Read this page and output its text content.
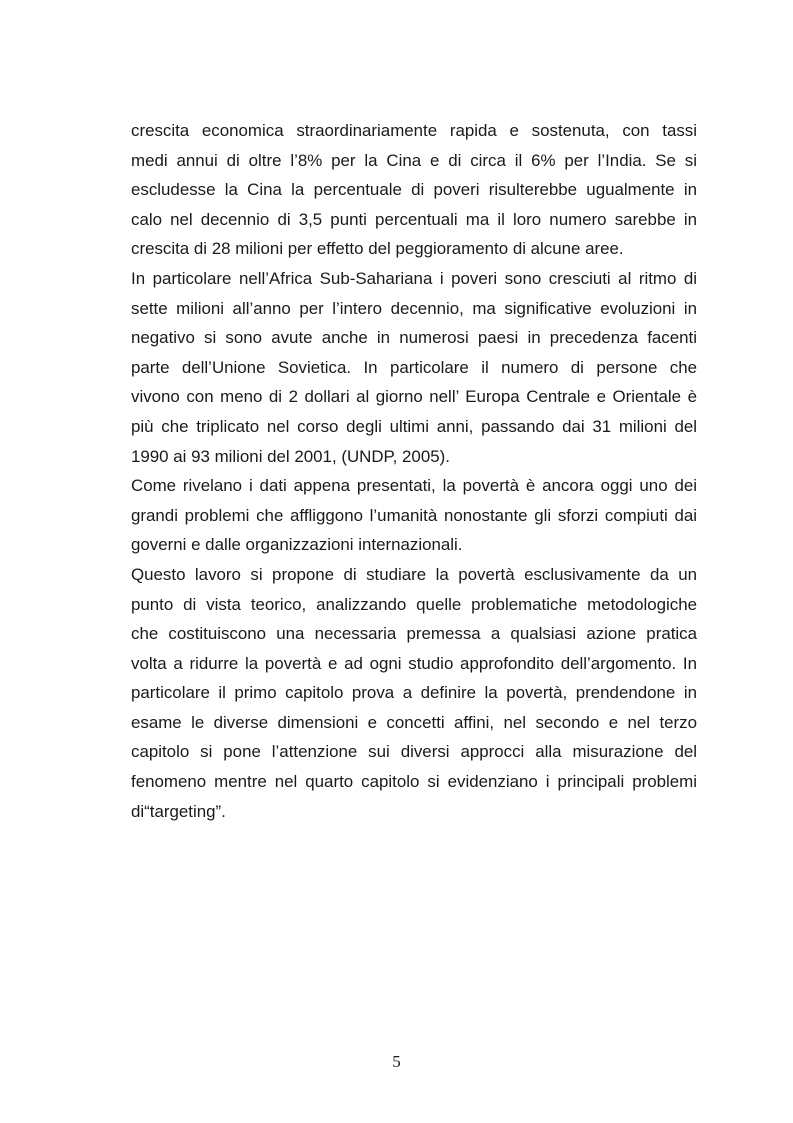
crescita economica straordinariamente rapida e sostenuta, con tassi
medi annui di oltre l’8% per la Cina e di circa il 6% per l’India. Se si
escludesse la Cina la percentuale di poveri risulterebbe ugualmente in
calo nel decennio di 3,5 punti percentuali ma il loro numero sarebbe in
crescita di 28 milioni per effetto del peggioramento di alcune aree.
In particolare nell’Africa Sub-Sahariana i poveri sono cresciuti al ritmo di
sette milioni all’anno per l’intero decennio, ma significative evoluzioni in
negativo si sono avute anche in numerosi paesi in precedenza facenti
parte dell’Unione Sovietica. In particolare il numero di persone che
vivono con meno di 2 dollari al giorno nell’ Europa Centrale e Orientale è
più che triplicato nel corso degli ultimi anni, passando dai 31 milioni del
1990 ai 93 milioni del 2001, (UNDP, 2005).
Come rivelano i dati appena presentati, la povertà è ancora oggi uno dei
grandi problemi che affliggono l’umanità nonostante gli sforzi compiuti dai
governi e dalle organizzazioni internazionali.
Questo lavoro si propone di studiare la povertà esclusivamente da un
punto di vista teorico, analizzando quelle problematiche metodologiche
che costituiscono una necessaria premessa a qualsiasi azione pratica
volta a ridurre la povertà e ad ogni studio approfondito dell’argomento. In
particolare il primo capitolo prova a definire la povertà, prendendone in
esame le diverse dimensioni e concetti affini, nel secondo e nel terzo
capitolo si pone l’attenzione sui diversi approcci alla misurazione del
fenomeno mentre nel quarto capitolo si evidenziano i principali problemi
di“targeting”.
5
